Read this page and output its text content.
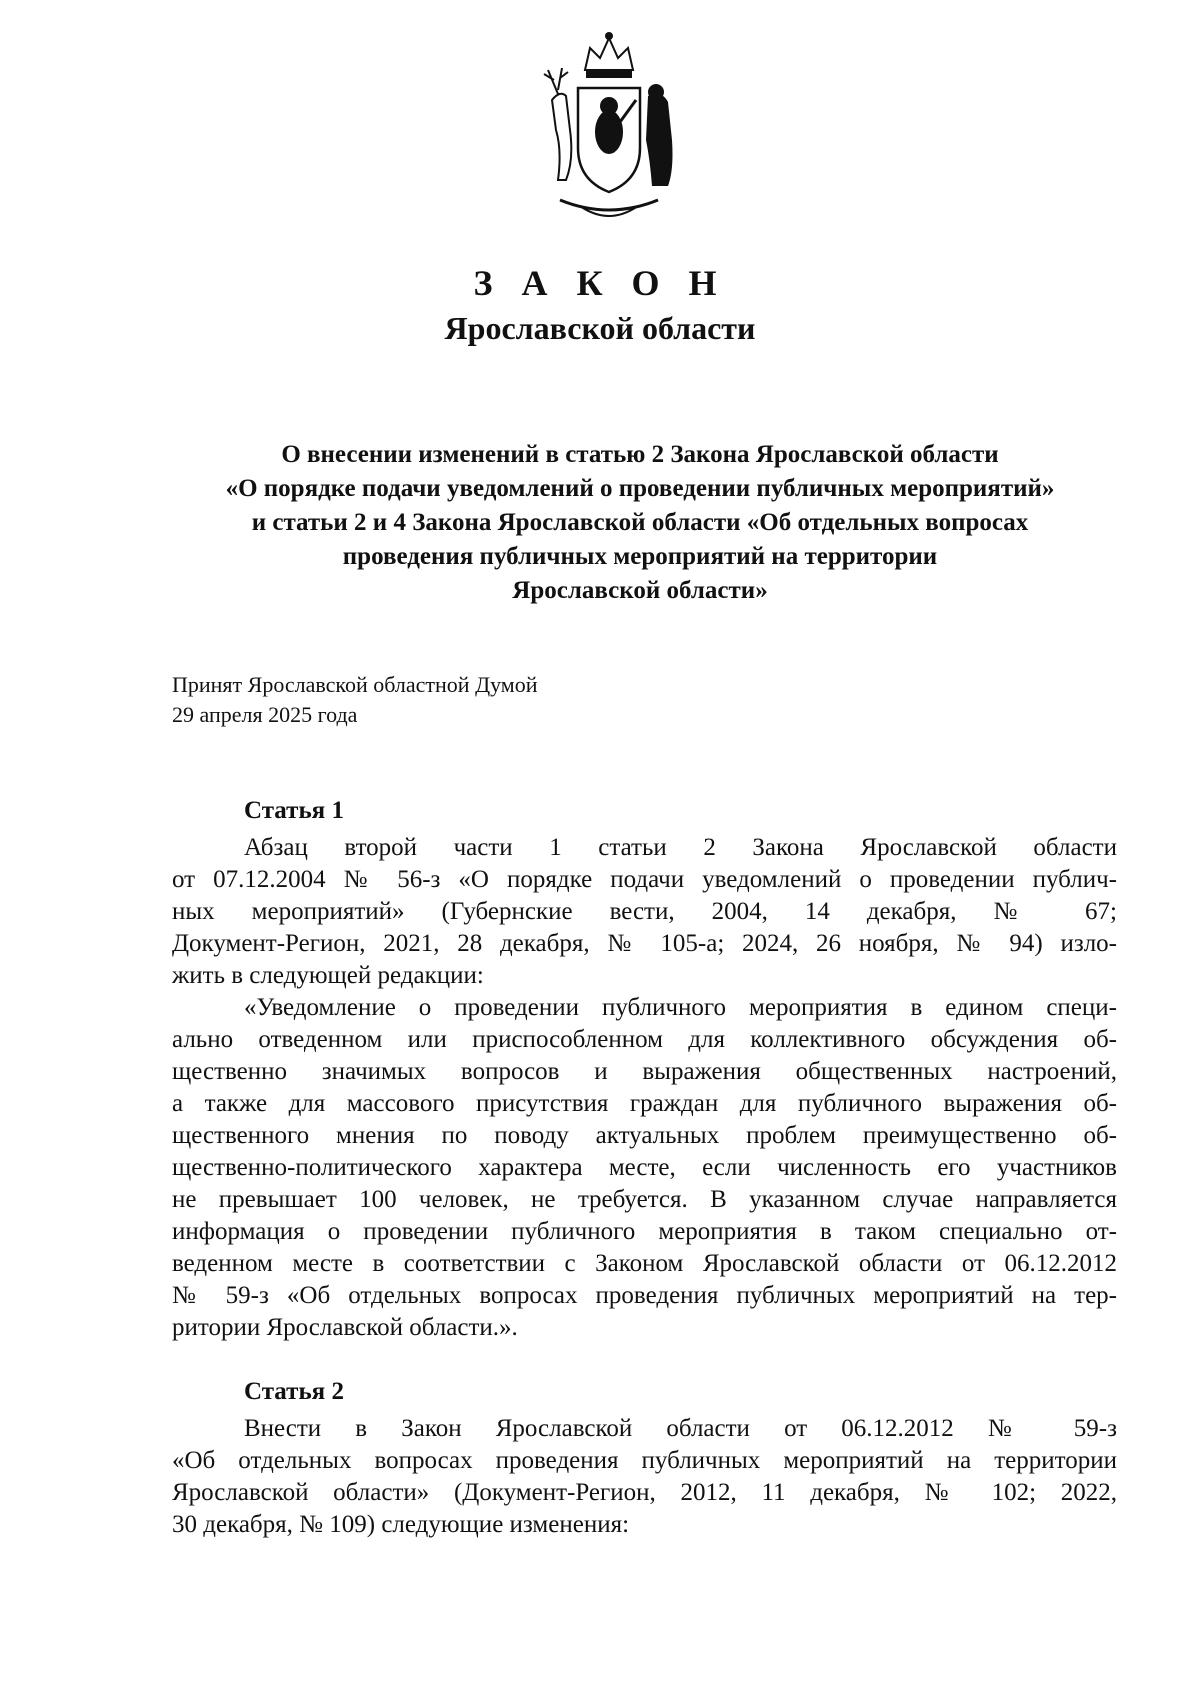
З А К О Н
Ярославской области
О внесении изменений в статью 2 Закона Ярославской области
«О порядке подачи уведомлений о проведении публичных мероприятий»
и статьи 2 и 4 Закона Ярославской области «Об отдельных вопросах
проведения публичных мероприятий на территории
Ярославской области»
Принят Ярославской областной Думой
29 апреля 2025 года
Статья 1
Абзац второй части 1 статьи 2 Закона Ярославской области
от 07.12.2004 № 56-з «О порядке подачи уведомлений о проведении публич-
ных мероприятий» (Губернские вести, 2004, 14 декабря, № 67;
Документ-Регион, 2021, 28 декабря, № 105-а; 2024, 26 ноября, № 94) изло-
жить в следующей редакции:
«Уведомление о проведении публичного мероприятия в едином специ-
ально отведенном или приспособленном для коллективного обсуждения об-
щественно значимых вопросов и выражения общественных настроений,
а также для массового присутствия граждан для публичного выражения об-
щественного мнения по поводу актуальных проблем преимущественно об-
щественно-политического характера месте, если численность его участников
не превышает 100 человек, не требуется. В указанном случае направляется
информация о проведении публичного мероприятия в таком специально от-
веденном месте в соответствии с Законом Ярославской области от 06.12.2012
№ 59-з «Об отдельных вопросах проведения публичных мероприятий на тер-
ритории Ярославской области.».
Статья 2
Внести в Закон Ярославской области от 06.12.2012 № 59-з
«Об отдельных вопросах проведения публичных мероприятий на территории
Ярославской области» (Документ-Регион, 2012, 11 декабря, № 102; 2022,
30 декабря, № 109) следующие изменения:
